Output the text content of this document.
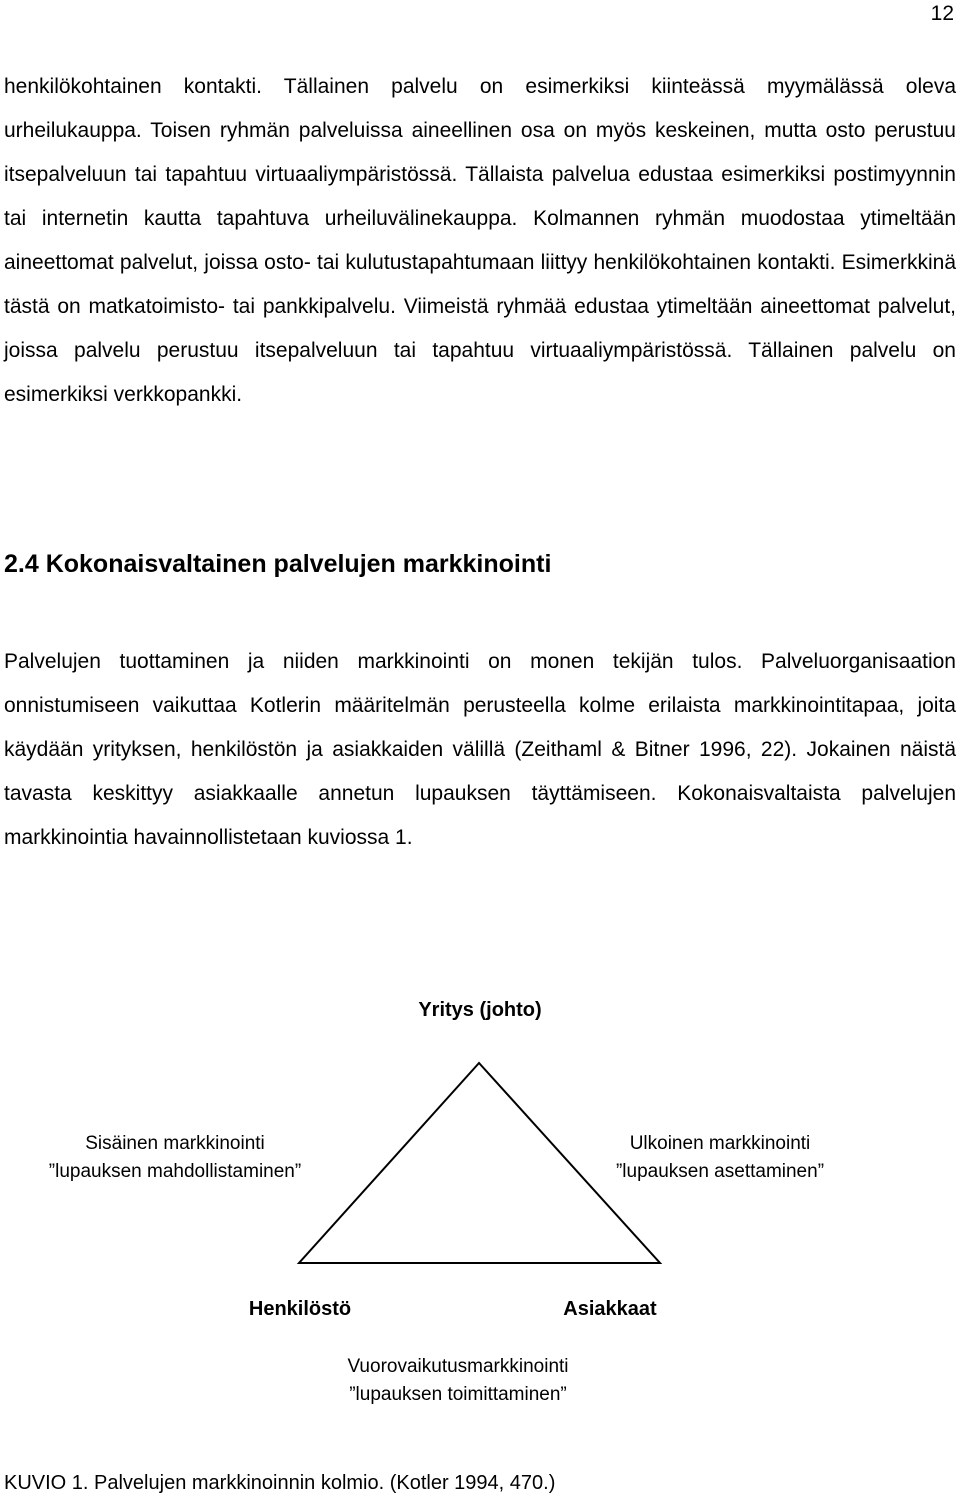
12

henkilökohtainen kontakti. Tällainen palvelu on esimerkiksi kiinteässä myymälässä oleva urheilukauppa. Toisen ryhmän palveluissa aineellinen osa on myös keskeinen, mutta osto perustuu itsepalveluun tai tapahtuu virtuaaliympäristössä. Tällaista palvelua edustaa esimerkiksi postimyynnin tai internetin kautta tapahtuva urheiluvälinekauppa. Kolmannen ryhmän muodostaa ytimeltään aineettomat palvelut, joissa osto- tai kulutustapahtumaan liittyy henkilökohtainen kontakti. Esimerkkinä tästä on matkatoimisto- tai pankkipalvelu. Viimeistä ryhmää edustaa ytimeltään aineettomat palvelut, joissa palvelu perustuu itsepalveluun tai tapahtuu virtuaaliympäristössä. Tällainen palvelu on esimerkiksi verkkopankki.

2.4 Kokonaisvaltainen palvelujen markkinointi

Palvelujen tuottaminen ja niiden markkinointi on monen tekijän tulos. Palveluorganisaation onnistumiseen vaikuttaa Kotlerin määritelmän perusteella kolme erilaista markkinointitapaa, joita käydään yrityksen, henkilöstön ja asiakkaiden välillä (Zeithaml & Bitner 1996, 22). Jokainen näistä tavasta keskittyy asiakkaalle annetun lupauksen täyttämiseen. Kokonaisvaltaista palvelujen markkinointia havainnollistetaan kuviossa 1.

Yritys (johto)
Sisäinen markkinointi
”lupauksen mahdollistaminen”
Ulkoinen markkinointi
”lupauksen asettaminen”
Henkilöstö	Asiakkaat
Vuorovaikutusmarkkinointi
”lupauksen toimittaminen”

KUVIO 1. Palvelujen markkinoinnin kolmio. (Kotler 1994, 470.)
